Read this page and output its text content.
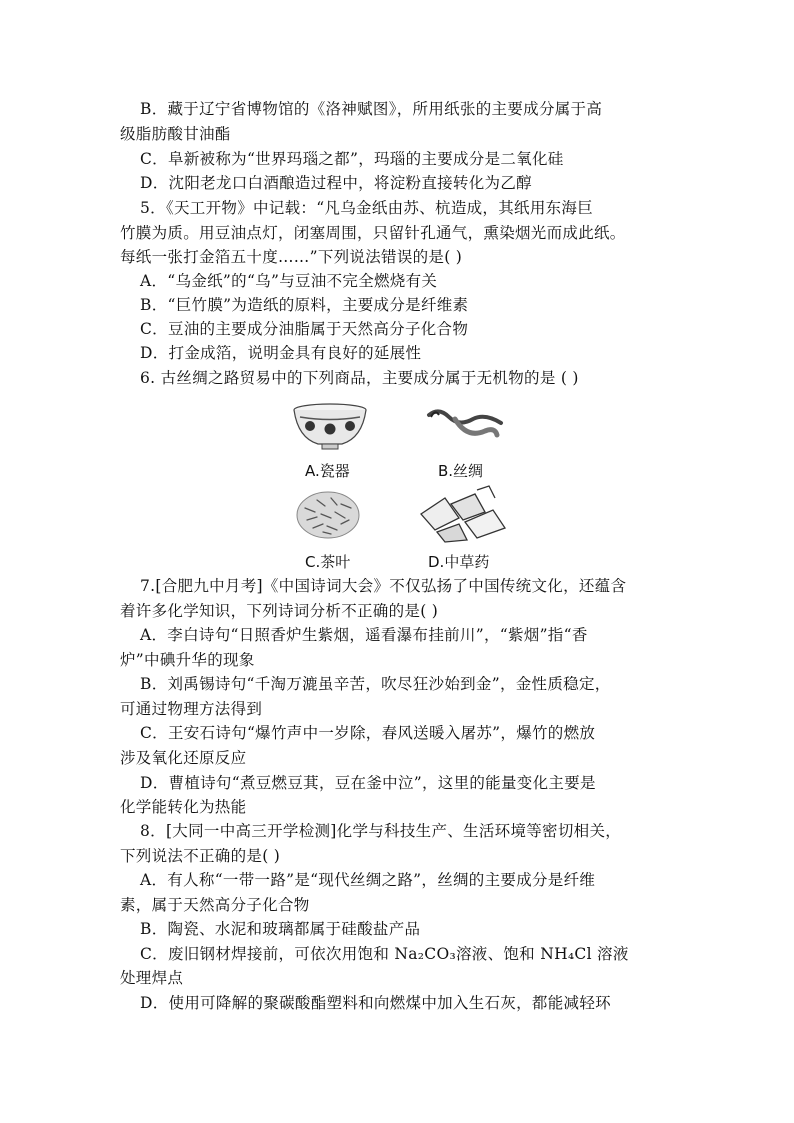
B．藏于辽宁省博物馆的《洛神赋图》，所用纸张的主要成分属于高
级脂肪酸甘油酯
C．阜新被称为“世界玛瑙之都”，玛瑙的主要成分是二氧化硅
D．沈阳老龙口白酒酿造过程中，将淀粉直接转化为乙醇
5．《天工开物》中记载：“凡乌金纸由苏、杭造成，其纸用东海巨
竹膜为质。用豆油点灯，闭塞周围，只留针孔通气，熏染烟光而成此纸。
每纸一张打金箔五十度……”下列说法错误的是( )
A．“乌金纸”的“乌”与豆油不完全燃烧有关
B．“巨竹膜”为造纸的原料，主要成分是纤维素
C．豆油的主要成分油脂属于天然高分子化合物
D．打金成箔，说明金具有良好的延展性
6. 古丝绸之路贸易中的下列商品，主要成分属于无机物的是 ( )
A.瓷器	B.丝绸
C.茶叶	D.中草药
7.[合肥九中月考]《中国诗词大会》不仅弘扬了中国传统文化，还蕴含
着许多化学知识，下列诗词分析不正确的是( )
A．李白诗句“日照香炉生紫烟，遥看瀑布挂前川”，“紫烟”指“香
炉”中碘升华的现象
B．刘禹锡诗句“千淘万漉虽辛苦，吹尽狂沙始到金”，金性质稳定，
可通过物理方法得到
C．王安石诗句“爆竹声中一岁除，春风送暖入屠苏”，爆竹的燃放
涉及氧化还原反应
D．曹植诗句“煮豆燃豆萁，豆在釜中泣”，这里的能量变化主要是
化学能转化为热能
8．[大同一中高三开学检测]化学与科技生产、生活环境等密切相关，
下列说法不正确的是( )
A．有人称“一带一路”是“现代丝绸之路”，丝绸的主要成分是纤维
素，属于天然高分子化合物
B．陶瓷、水泥和玻璃都属于硅酸盐产品
C．废旧钢材焊接前，可依次用饱和 Na₂CO₃溶液、饱和 NH₄Cl 溶液
处理焊点
D．使用可降解的聚碳酸酯塑料和向燃煤中加入生石灰，都能减轻环
